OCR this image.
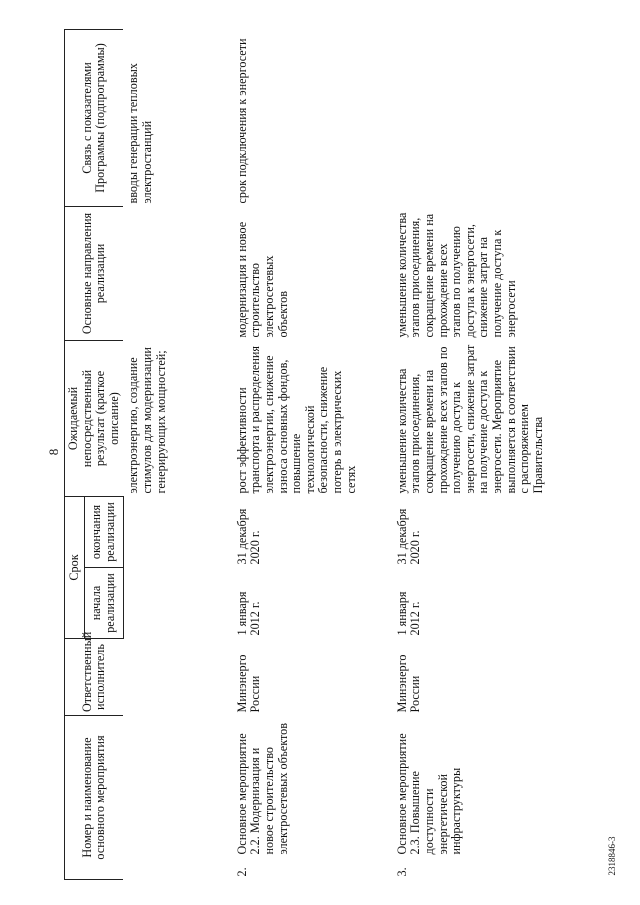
8
2318846-3
Номер и наименование основного мероприятия	Ответственный исполнитель	Срок		Ожидаемый непосредственный результат (краткое описание)	Основные направления реализации	Связь с показателями Программы (подпрограммы)
		начала реализации	окончания реализации			
				электроэнергию, создание стимулов для модернизации генерирующих мощностей;		вводы генерации тепловых электростанций

2.
Основное мероприятие 2.2. Модернизация и новое строительство электросетевых объектов	Минэнерго России	1 января 2012 г.	31 декабря 2020 г.	рост эффективности транспорта и распределения электроэнергии, снижение износа основных фондов, повышение технологической безопасности, снижение потерь в электрических сетях	модернизация и новое строительство электросетевых объектов	срок подключения к энергосети

3.
Основное мероприятие 2.3. Повышение доступности энергетической инфраструктуры	Минэнерго России	1 января 2012 г.	31 декабря 2020 г.	уменьшение количества этапов присоединения, сокращение времени на прохождение всех этапов по получению доступа к энергосети, снижение затрат на получение доступа к энергосети. Мероприятие выполняется в соответствии с распоряжением Правительства	уменьшение количества этапов присоединения, сокращение времени на прохождение всех этапов по получению доступа к энергосети, снижение затрат на получение доступа к энергосети	
